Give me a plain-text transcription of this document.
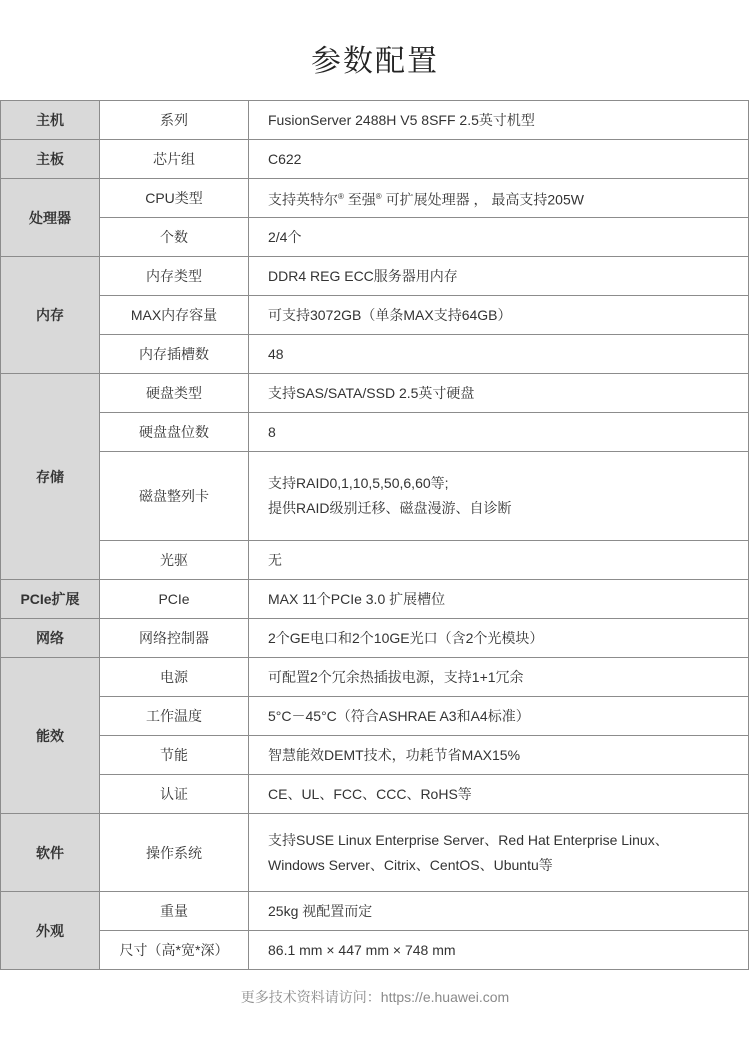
参数配置
主机	系列	FusionServer 2488H V5 8SFF 2.5英寸机型
主板	芯片组	C622
处理器	CPU类型	支持英特尔® 至强® 可扩展处理器 ， 最高支持205W
	个数	2/4个
内存	内存类型	DDR4 REG ECC服务器用内存
	MAX内存容量	可支持3072GB（单条MAX支持64GB）
	内存插槽数	48
存储	硬盘类型	支持SAS/SATA/SSD 2.5英寸硬盘
	硬盘盘位数	8
	磁盘整列卡	支持RAID0,1,10,5,50,6,60等;
提供RAID级别迁移、磁盘漫游、自诊断

	光驱	无
PCIe扩展	PCIe	MAX 11个PCIe 3.0 扩展槽位
网络	网络控制器	2个GE电口和2个10GE光口（含2个光模块）
能效	电源	可配置2个冗余热插拔电源，支持1+1冗余
	工作温度	5°C－45°C（符合ASHRAE A3和A4标准）
	节能	智慧能效DEMT技术，功耗节省MAX15%
	认证	CE、UL、FCC、CCC、RoHS等
软件	操作系统	支持SUSE Linux Enterprise Server、Red Hat Enterprise Linux、
Windows Server、Citrix、CentOS、Ubuntu等

外观	重量	25kg 视配置而定
	尺寸（高*宽*深）	86.1 mm × 447 mm × 748 mm
更多技术资料请访问：https://e.huawei.com
